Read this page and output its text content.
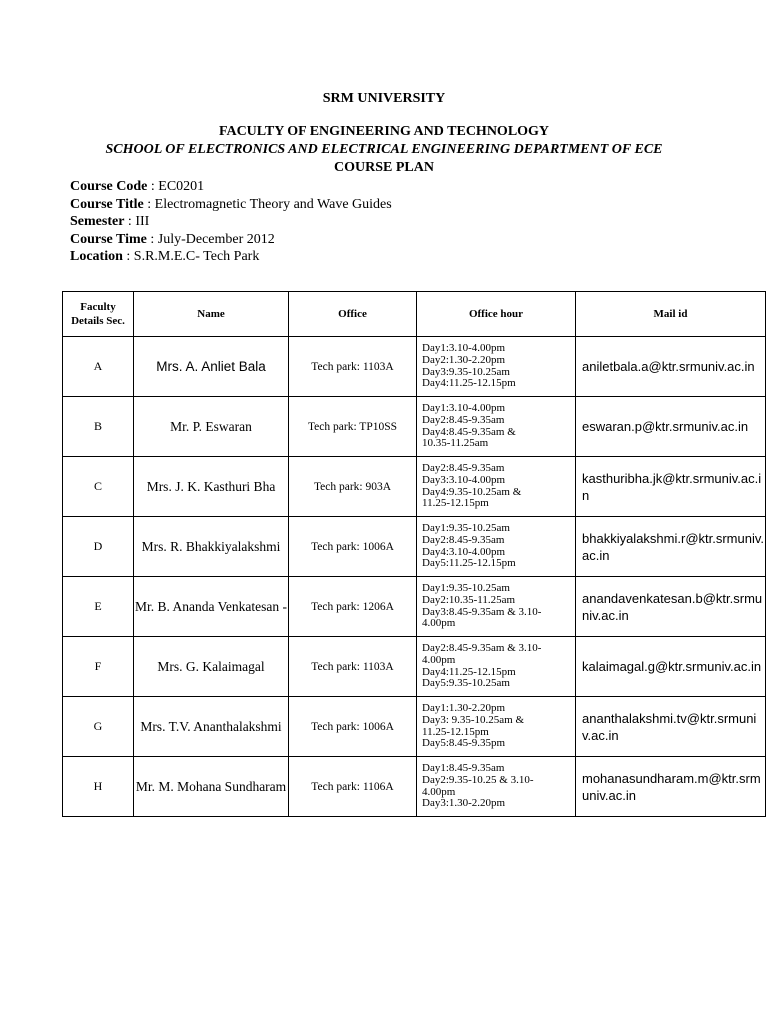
SRM UNIVERSITY
FACULTY OF ENGINEERING AND TECHNOLOGY
SCHOOL OF ELECTRONICS AND ELECTRICAL ENGINEERING DEPARTMENT OF ECE
COURSE PLAN
Course Code : EC0201
Course Title : Electromagnetic Theory and Wave Guides
Semester : III
Course Time : July-December 2012
Location : S.R.M.E.C- Tech Park
Faculty Details Sec.	Name	Office	Office hour	Mail id
A	Mrs. A. Anliet Bala	Tech park: 1103A	Day1:3.10-4.00pm
Day2:1.30-2.20pm
Day3:9.35-10.25am
Day4:11.25-12.15pm	aniletbala.a@ktr.srmuniv.ac.in
B	Mr. P. Eswaran	Tech park: TP10SS	Day1:3.10-4.00pm
Day2:8.45-9.35am
Day4:8.45-9.35am &
10.35-11.25am	eswaran.p@ktr.srmuniv.ac.in
C	Mrs. J. K. Kasthuri Bha	Tech park: 903A	Day2:8.45-9.35am
Day3:3.10-4.00pm
Day4:9.35-10.25am &
11.25-12.15pm	kasthuribha.jk@ktr.srmuniv.ac.in
D	Mrs. R. Bhakkiyalakshmi	Tech park: 1006A	Day1:9.35-10.25am
Day2:8.45-9.35am
Day4:3.10-4.00pm
Day5:11.25-12.15pm	bhakkiyalakshmi.r@ktr.srmuniv.ac.in
E	Mr. B. Ananda Venkatesan -	Tech park: 1206A	Day1:9.35-10.25am
Day2:10.35-11.25am
Day3:8.45-9.35am & 3.10-
4.00pm	anandavenkatesan.b@ktr.srmuniv.ac.in
F	Mrs. G. Kalaimagal	Tech park: 1103A	Day2:8.45-9.35am & 3.10-
4.00pm
Day4:11.25-12.15pm
Day5:9.35-10.25am	kalaimagal.g@ktr.srmuniv.ac.in
G	Mrs. T.V. Ananthalakshmi	Tech park: 1006A	Day1:1.30-2.20pm
Day3: 9.35-10.25am &
11.25-12.15pm
Day5:8.45-9.35pm	ananthalakshmi.tv@ktr.srmuniv.ac.in
H	Mr. M. Mohana Sundharam	Tech park: 1106A	Day1:8.45-9.35am
Day2:9.35-10.25 & 3.10-
4.00pm
Day3:1.30-2.20pm	mohanasundharam.m@ktr.srmuniv.ac.in
